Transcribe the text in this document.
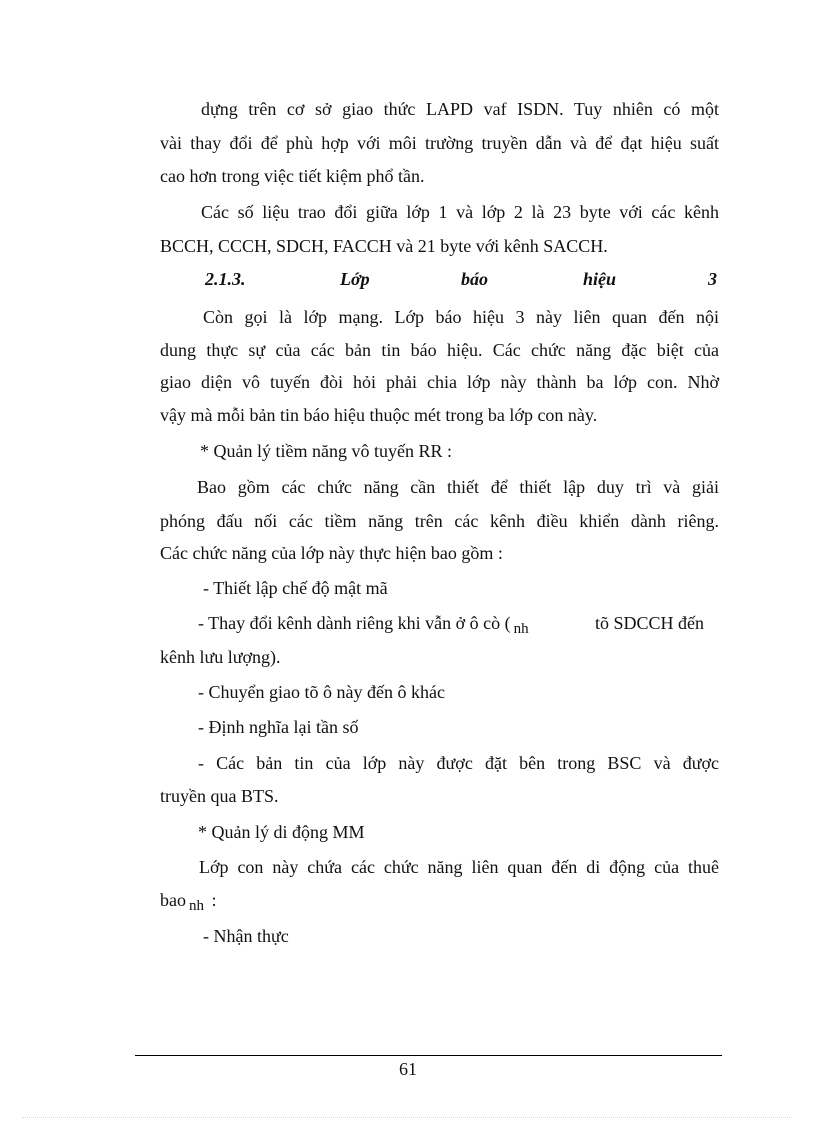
dựng trên cơ sở giao thức LAPD vaf ISDN. Tuy nhiên có một
vài thay đổi để phù hợp với môi trường truyền dẫn và để đạt hiệu suất
cao hơn trong việc tiết kiệm phổ tần.
Các số liệu trao đổi giữa lớp 1 và lớp 2 là 23 byte với các kênh
BCCH, CCCH, SDCH, FACCH và 21 byte với kênh SACCH.
2.1.3.	Lớp	báo	hiệu	3
Còn gọi là lớp mạng. Lớp báo hiệu 3 này liên quan đến nội
dung thực sự của các bản tin báo hiệu. Các chức năng đặc biệt của
giao diện vô tuyến đòi hỏi phải chia lớp này thành ba lớp con. Nhờ
vậy mà mỗi bản tin báo hiệu thuộc mét trong ba lớp con này.
* Quản lý tiềm năng vô tuyến RR :
Bao gồm các chức năng cần thiết để thiết lập duy trì và giải
phóng đấu nối các tiềm năng trên các kênh điều khiển dành riêng.
Các chức năng của lớp này thực hiện bao gồm :
- Thiết lập chế độ mật mã
- Thay đổi kênh dành riêng khi vẫn ở ô cò ( $_{nh}$	tõ SDCCH đến
kênh lưu lượng).
- Chuyển giao tõ ô này đến ô khác
- Định nghĩa lại tần số
- Các bản tin của lớp này được đặt bên trong BSC và được
truyền qua BTS.
* Quản lý di động MM
Lớp con này chứa các chức năng liên quan đến di động của thuê
bao $_{nh}$ :
- Nhận thực
61
